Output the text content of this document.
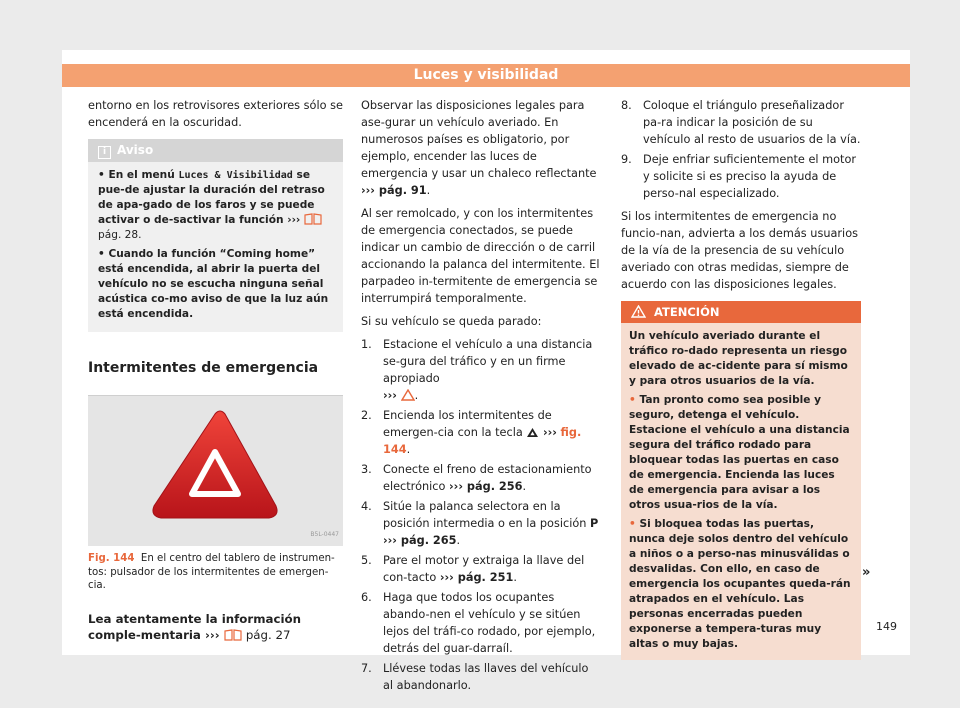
Luces y visibilidad

entorno en los retrovisores exteriores sólo se encenderá en la oscuridad.

i Aviso

• En el menú Luces & Visibilidad se pue-de ajustar la duración del retraso de apa-gado de los faros y se puede activar o de-sactivar la función ›››  pág. 28.

• Cuando la función “Coming home” está encendida, al abrir la puerta del vehículo no se escucha ninguna señal acústica co-mo aviso de que la luz aún está encendida.

Intermitentes de emergencia
B5L-0447
Fig. 144 En el centro del tablero de instrumen-tos: pulsador de los intermitentes de emergen-cia.
Lea atentamente la información comple-mentaria ››› pág. 27

Observar las disposiciones legales para ase-gurar un vehículo averiado. En numerosos países es obligatorio, por ejemplo, encender las luces de emergencia y usar un chaleco reflectante ››› pág. 91.

Al ser remolcado, y con los intermitentes de emergencia conectados, se puede indicar un cambio de dirección o de carril accionando la palanca del intermitente. El parpadeo in-termitente de emergencia se interrumpirá temporalmente.

Si su vehículo se queda parado:

1. Estacione el vehículo a una distancia se-gura del tráfico y en un firme apropiado
››› .
2. Encienda los intermitentes de emergen-cia con la tecla ››› fig. 144.
3. Conecte el freno de estacionamiento electrónico ››› pág. 256.
4. Sitúe la palanca selectora en la posición intermedia o en la posición P
››› pág. 265.
5. Pare el motor y extraiga la llave del con-tacto ››› pág. 251.
6. Haga que todos los ocupantes abando-nen el vehículo y se sitúen lejos del tráfi-co rodado, por ejemplo, detrás del guar-darraíl.
7. Llévese todas las llaves del vehículo al abandonarlo.
8. Coloque el triángulo preseñalizador pa-ra indicar la posición de su vehículo al resto de usuarios de la vía.
9. Deje enfriar suficientemente el motor y solicite si es preciso la ayuda de perso-nal especializado.

Si los intermitentes de emergencia no funcio-nan, advierta a los demás usuarios de la vía de la presencia de su vehículo averiado con otras medidas, siempre de acuerdo con las disposiciones legales.

ATENCIÓN

Un vehículo averiado durante el tráfico ro-dado representa un riesgo elevado de ac-cidente para sí mismo y para otros usuarios de la vía.

• Tan pronto como sea posible y seguro, detenga el vehículo. Estacione el vehículo a una distancia segura del tráfico rodado para bloquear todas las puertas en caso de emergencia. Encienda las luces de emergencia para avisar a los otros usua-rios de la vía.

• Si bloquea todas las puertas, nunca deje solos dentro del vehículo a niños o a perso-nas minusválidas o desvalidas. Con ello, en caso de emergencia los ocupantes queda-rán atrapados en el vehículo. Las personas encerradas pueden exponerse a tempera-turas muy altas o muy bajas.

»
149
